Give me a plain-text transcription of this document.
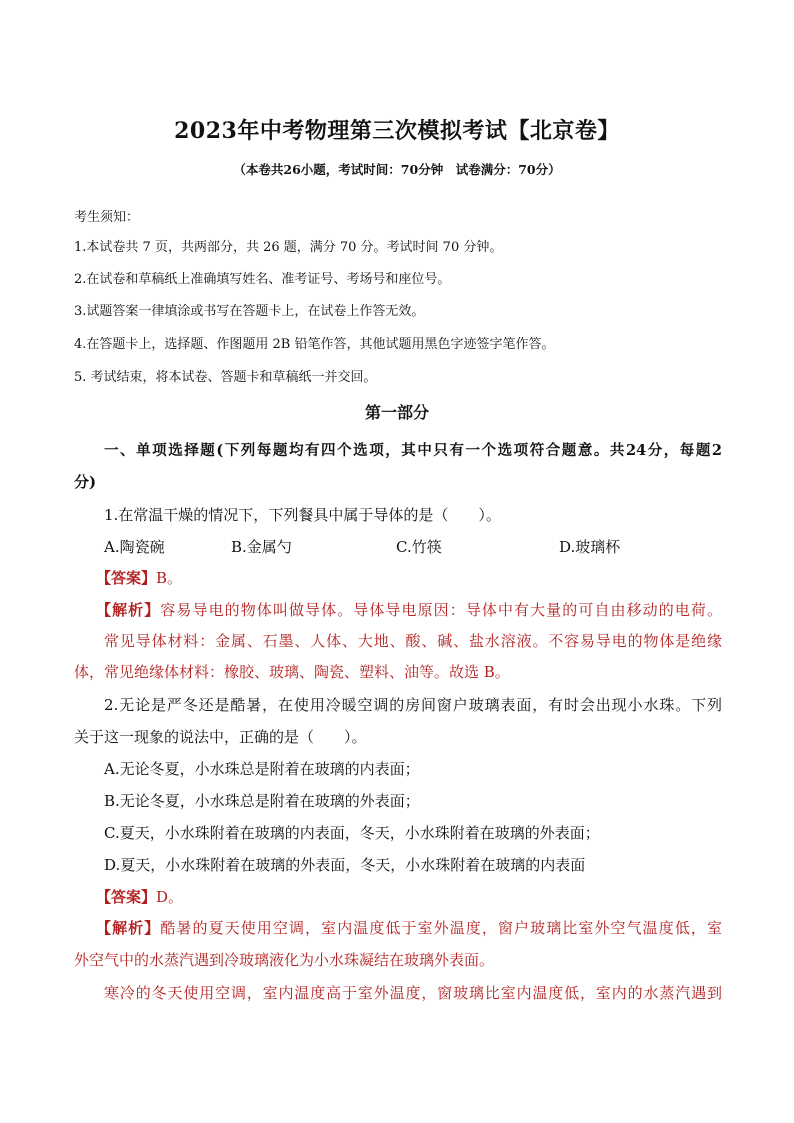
2023年中考物理第三次模拟考试【北京卷】
（本卷共26小题，考试时间：70分钟　试卷满分：70分）
考生须知：
1.本试卷共 7 页，共两部分，共 26 题，满分 70 分。考试时间 70 分钟。
2.在试卷和草稿纸上准确填写姓名、准考证号、考场号和座位号。
3.试题答案一律填涂或书写在答题卡上，在试卷上作答无效。
4.在答题卡上，选择题、作图题用 2B 铅笔作答，其他试题用黑色字迹签字笔作答。
5. 考试结束，将本试卷、答题卡和草稿纸一并交回。
第一部分
一、单项选择题(下列每题均有四个选项，其中只有一个选项符合题意。共24分，每题2
分)
1.在常温干燥的情况下，下列餐具中属于导体的是（　　）。
A.陶瓷碗	B.金属勺	C.竹筷	D.玻璃杯
【答案】B。
【解析】容易导电的物体叫做导体。导体导电原因：导体中有大量的可自由移动的电荷。
常见导体材料：金属、石墨、人体、大地、酸、碱、盐水溶液。不容易导电的物体是绝缘
体，常见绝缘体材料：橡胶、玻璃、陶瓷、塑料、油等。故选 B。
2.无论是严冬还是酷暑，在使用冷暖空调的房间窗户玻璃表面，有时会出现小水珠。下列
关于这一现象的说法中，正确的是（　　）。
A.无论冬夏，小水珠总是附着在玻璃的内表面；
B.无论冬夏，小水珠总是附着在玻璃的外表面；
C.夏天，小水珠附着在玻璃的内表面，冬天，小水珠附着在玻璃的外表面；
D.夏天，小水珠附着在玻璃的外表面，冬天，小水珠附着在玻璃的内表面
【答案】D。
【解析】酷暑的夏天使用空调，室内温度低于室外温度，窗户玻璃比室外空气温度低，室
外空气中的水蒸汽遇到冷玻璃液化为小水珠凝结在玻璃外表面。
寒冷的冬天使用空调，室内温度高于室外温度，窗玻璃比室内温度低，室内的水蒸汽遇到
